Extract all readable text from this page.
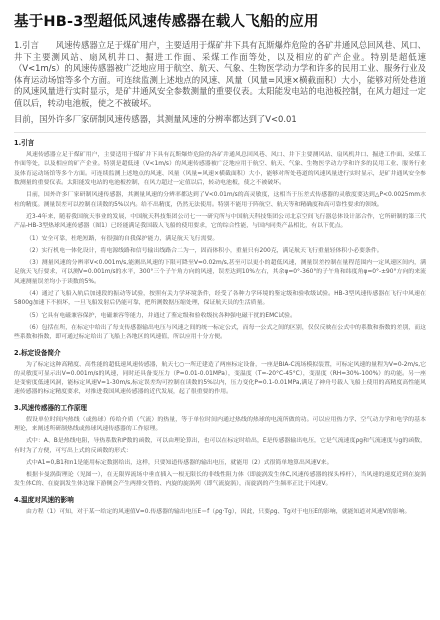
基于HB-3型超低风速传感器在载人飞船的应用

1.引言　　风速传感器立足于煤矿用户，主要适用于煤矿井下具有瓦斯爆炸危险的各矿井通风总回风巷、风口、井下主要测风站、扇风机井口、掘进工作面、采煤工作面等处，以及相应的矿产企业。特别是超低速（V<1m/s）的风速传感器被广泛地应用于航空、航天、气象、生物医学动力学和许多的民用工业、服务行业及体育运动场馆等多个方面。可连续监测上述地点的风速、风量（风量=风速×横截面积）大小，能够对所处巷道的风速风量进行实时显示，是矿井通风安全参数测量的重要仪表。太阳能发电站的电池板控制，在风力超过一定值以后，转动电池板，使之不被破坏。

目前，国外许多厂家研制风速传感器，其测量风速的分辨率都达到了V<0.01

1.引言

风速传感器立足于煤矿用户，主要适用于煤矿井下具有瓦斯爆炸危险的各矿井通风总回风巷、风口、井下主要测风站、扇风机井口、掘进工作面、采煤工作面等处，以及相应的矿产企业。特别是超低速（V<1m/s）的风速传感器被广泛地应用于航空、航天、气象、生物医学动力学和许多的民用工业、服务行业及体育运动场馆等多个方面。可连续监测上述地点的风速、风量（风量=风速×横截面积）大小，能够对所处巷道的风速风量进行实时显示，是矿井通风安全参数测量的重要仪表。太阳能发电站的电池板控制，在风力超过一定值以后，转动电池板，使之不被破坏。

目前，国外许多厂家研制风速传感器，其测量风速的分辨率都达到了V<0.01m/s的高灵敏度，这相当于压差式传感器的灵敏度要达到△P<0.0025mm水柱的精度。测量误差可以控制在读数的5%以内。给不出精度，仍然无法使用。特别不能用于阵航空、航天等和精确度和高可靠性要求的领域。

近3-4年来，随着我国航天事业的发展，中国航天科技集团公司七一一研究所与中国航天科技集团公司北京空间飞行器总体设计部合作，它所研制的第三代产品-HB-3型热球风速传感器（图1）已经能满足我国载人飞船的使用要求，它的综合性能，与国内同类产品相比，有以下优点。

（1）安全可靠，杜绝短路，有很强的自我保护能力，满足航天飞行需要。

（2）实行机电一体化设计，将电源线路和信号输出线路合二为一，固而体积小，重量只有200克，满足航天飞行重量轻体积小必要条件。

（3）测量风速的分辨率V<0.001m/s,能测出风速的下限可降至V=0.02m/s,甚至可以更小的超低风速，测量误差控制在量程范围内一定风速区间内，满足航天飞行要求，可以测V=0.001m/s的水平，300°三个子午角方向的风速，误差达到10%左右，其余φ=0°-360°的子午角和纬度角φ=0°-±90°方向的来流风速测量误差均小于读数的5%。

（4）通过了飞船入轨后加速段的振动等试验，按照有关力学环境条件，经受了各种力学环境的鉴定级和验收级试验。HB-3型风速传感器在飞行中风速在5800g加速下不损坏，一旦飞船发射后仍能可靠，把所测数据压缩处理，保证航天员的生活质量。

（5）它具有电磁兼容保护，电磁兼容等能力，并通过了鉴定级和验收级抗各种强电磁干扰的EMC试验。

（6）包括在所，在标定中给出了每支传感器输出电压与风速之间的统一标定公式，而每一公式之间的区别，仅仅反映在公式中的系数和指数的差别，而这些系数和指数，即可通过标定给出了飞船上各地区的风速值，所以应用十分方便。

2.标定设备简介

为了标定这种高精度、高性能的超低速风速传感器，航天七○一所迁建造了两座标定设备，一座是BIA-C流场模拟装置，可标定风速的量程为V=0-2m/s,它的灵敏度可显示出V=0.001m/s的风速，同时还具备变压力（P=0.01-0.01MPa），变温度（T=-20°C-45°C），变湿度（RH=30%-100%）的功能。另一座是变密度低速风洞，能标定风速V=1-30m/s,标定误差均可控制在读数的5%以内，压力变化P=0.1-0.01MPa,满足了神舟号载人飞船上使用的高精度高性能风速传感器的标定精度要求，对推进我国风速传感器的近代发展，起了很重要的作用。

3.风速传感器的工作原理

假设单位时间内热线（或热球）传给介质（气流）的热量，等于单位时间内通过热线的热球的电流所做的功。可以应用热力学、空气动力学和电学的基本理论，来阐述所研制热线或热球风速传感器的工作原理。

式中：A、B是热线电阻，导热系数和P数的函数，可以由理论算出，也可以在标定时给出，E是传感器输出电压，它是气流速度ρg和气流速度与g的函数，有时为了方便，可写出上式的反函数的形式：

式中A1=0,B1和n1是能用标定数据给出，这样，只要知道传感器的输出电压，就能用（2）式很简单地算出风速V来。

根据卡曼涡街理论（见图一），在无限界流场中垂直插入一根无限长的非线性阻力体（即旋涡发生体C,风速传感器的探头棒杆），当风速的速度近到在旋涡发生体C的、在旋涡发生体边缘下游侧会产生两排交替的、内旋的旋涡列（即气流旋涡），而旋涡的产生频率正比于风速V。

4.温度对风速的影响

由方程（1）可知，对于某一给定的风速值V=0.传感器的输出电压E＝f（ρg·Tg），因此，只要ρg、Tg对于电压E的影响，就能知道对风速V的影响。
